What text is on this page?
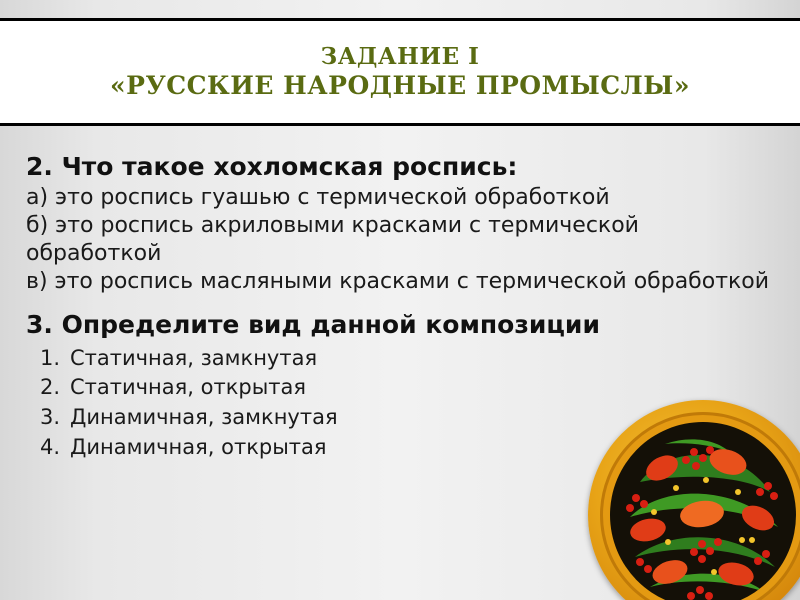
ЗАДАНИЕ I
«РУССКИЕ НАРОДНЫЕ ПРОМЫСЛЫ»

2. Что такое хохломская роспись:

а) это роспись гуашью с термической обработкой

б) это роспись акриловыми красками с термической обработкой

в) это роспись масляными красками с термической обработкой

3. Определите вид данной композиции

1. Статичная, замкнутая
2. Статичная, открытая
3. Динамичная, замкнутая
4. Динамичная, открытая
